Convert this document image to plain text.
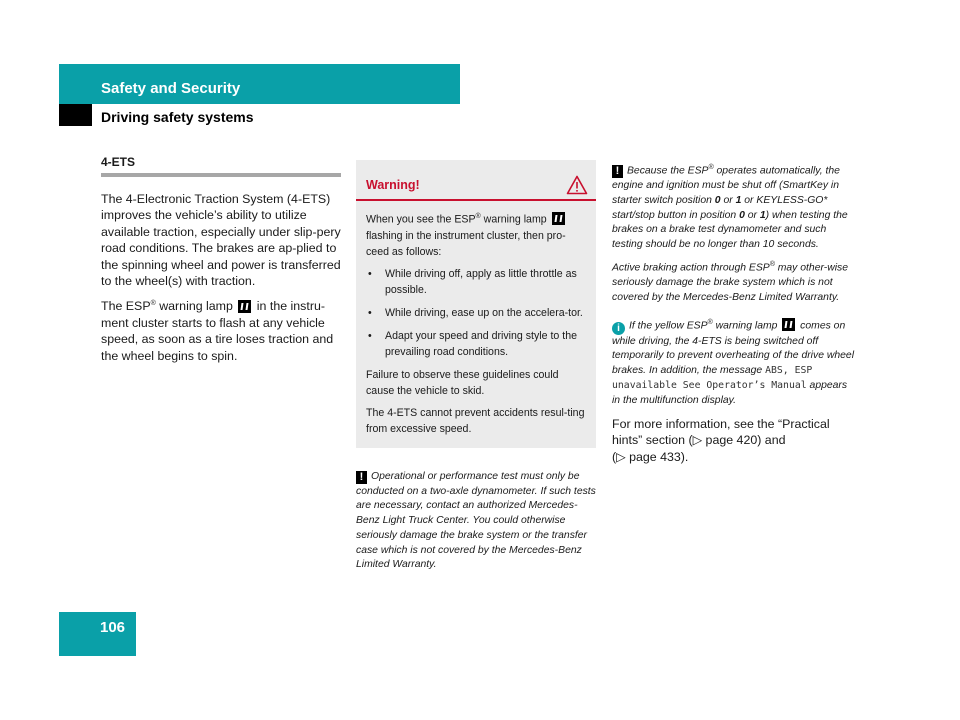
Safety and Security
Driving safety systems
4-ETS

The 4-Electronic Traction System (4-ETS) improves the vehicle’s ability to utilize available traction, especially under slip-pery road conditions. The brakes are ap-plied to the spinning wheel and power is transferred to the wheel(s) with traction.

The ESP® warning lamp  in the instru-ment cluster starts to flash at any vehicle speed, as soon as a tire loses traction and the wheel begins to spin.

Warning!

When you see the ESP® warning lamp  flashing in the instrument cluster, then pro-ceed as follows:

• While driving off, apply as little throttle as possible.
• While driving, ease up on the accelera-tor.
• Adapt your speed and driving style to the prevailing road conditions.

Failure to observe these guidelines could cause the vehicle to skid.

The 4-ETS cannot prevent accidents resul-ting from excessive speed.

! Operational or performance test must only be conducted on a two-axle dynamometer. If such tests are necessary, contact an authorized Mercedes-Benz Light Truck Center. You could otherwise seriously damage the brake system or the transfer case which is not covered by the Mercedes-Benz Limited Warranty.

! Because the ESP® operates automatically, the engine and ignition must be shut off (SmartKey in starter switch position 0 or 1 or KEYLESS-GO* start/stop button in position 0 or 1) when testing the brakes on a brake test dynamometer and such testing should be no longer than 10 seconds.

Active braking action through ESP® may other-wise seriously damage the brake system which is not covered by the Mercedes-Benz Limited Warranty.

i If the yellow ESP® warning lamp  comes on while driving, the 4-ETS is being switched off temporarily to prevent overheating of the drive wheel brakes. In addition, the message ABS, ESP unavailable See Operator’s Manual appears in the multifunction display.

For more information, see the “Practical hints” section (▷ page 420) and
(▷ page 433).
106
